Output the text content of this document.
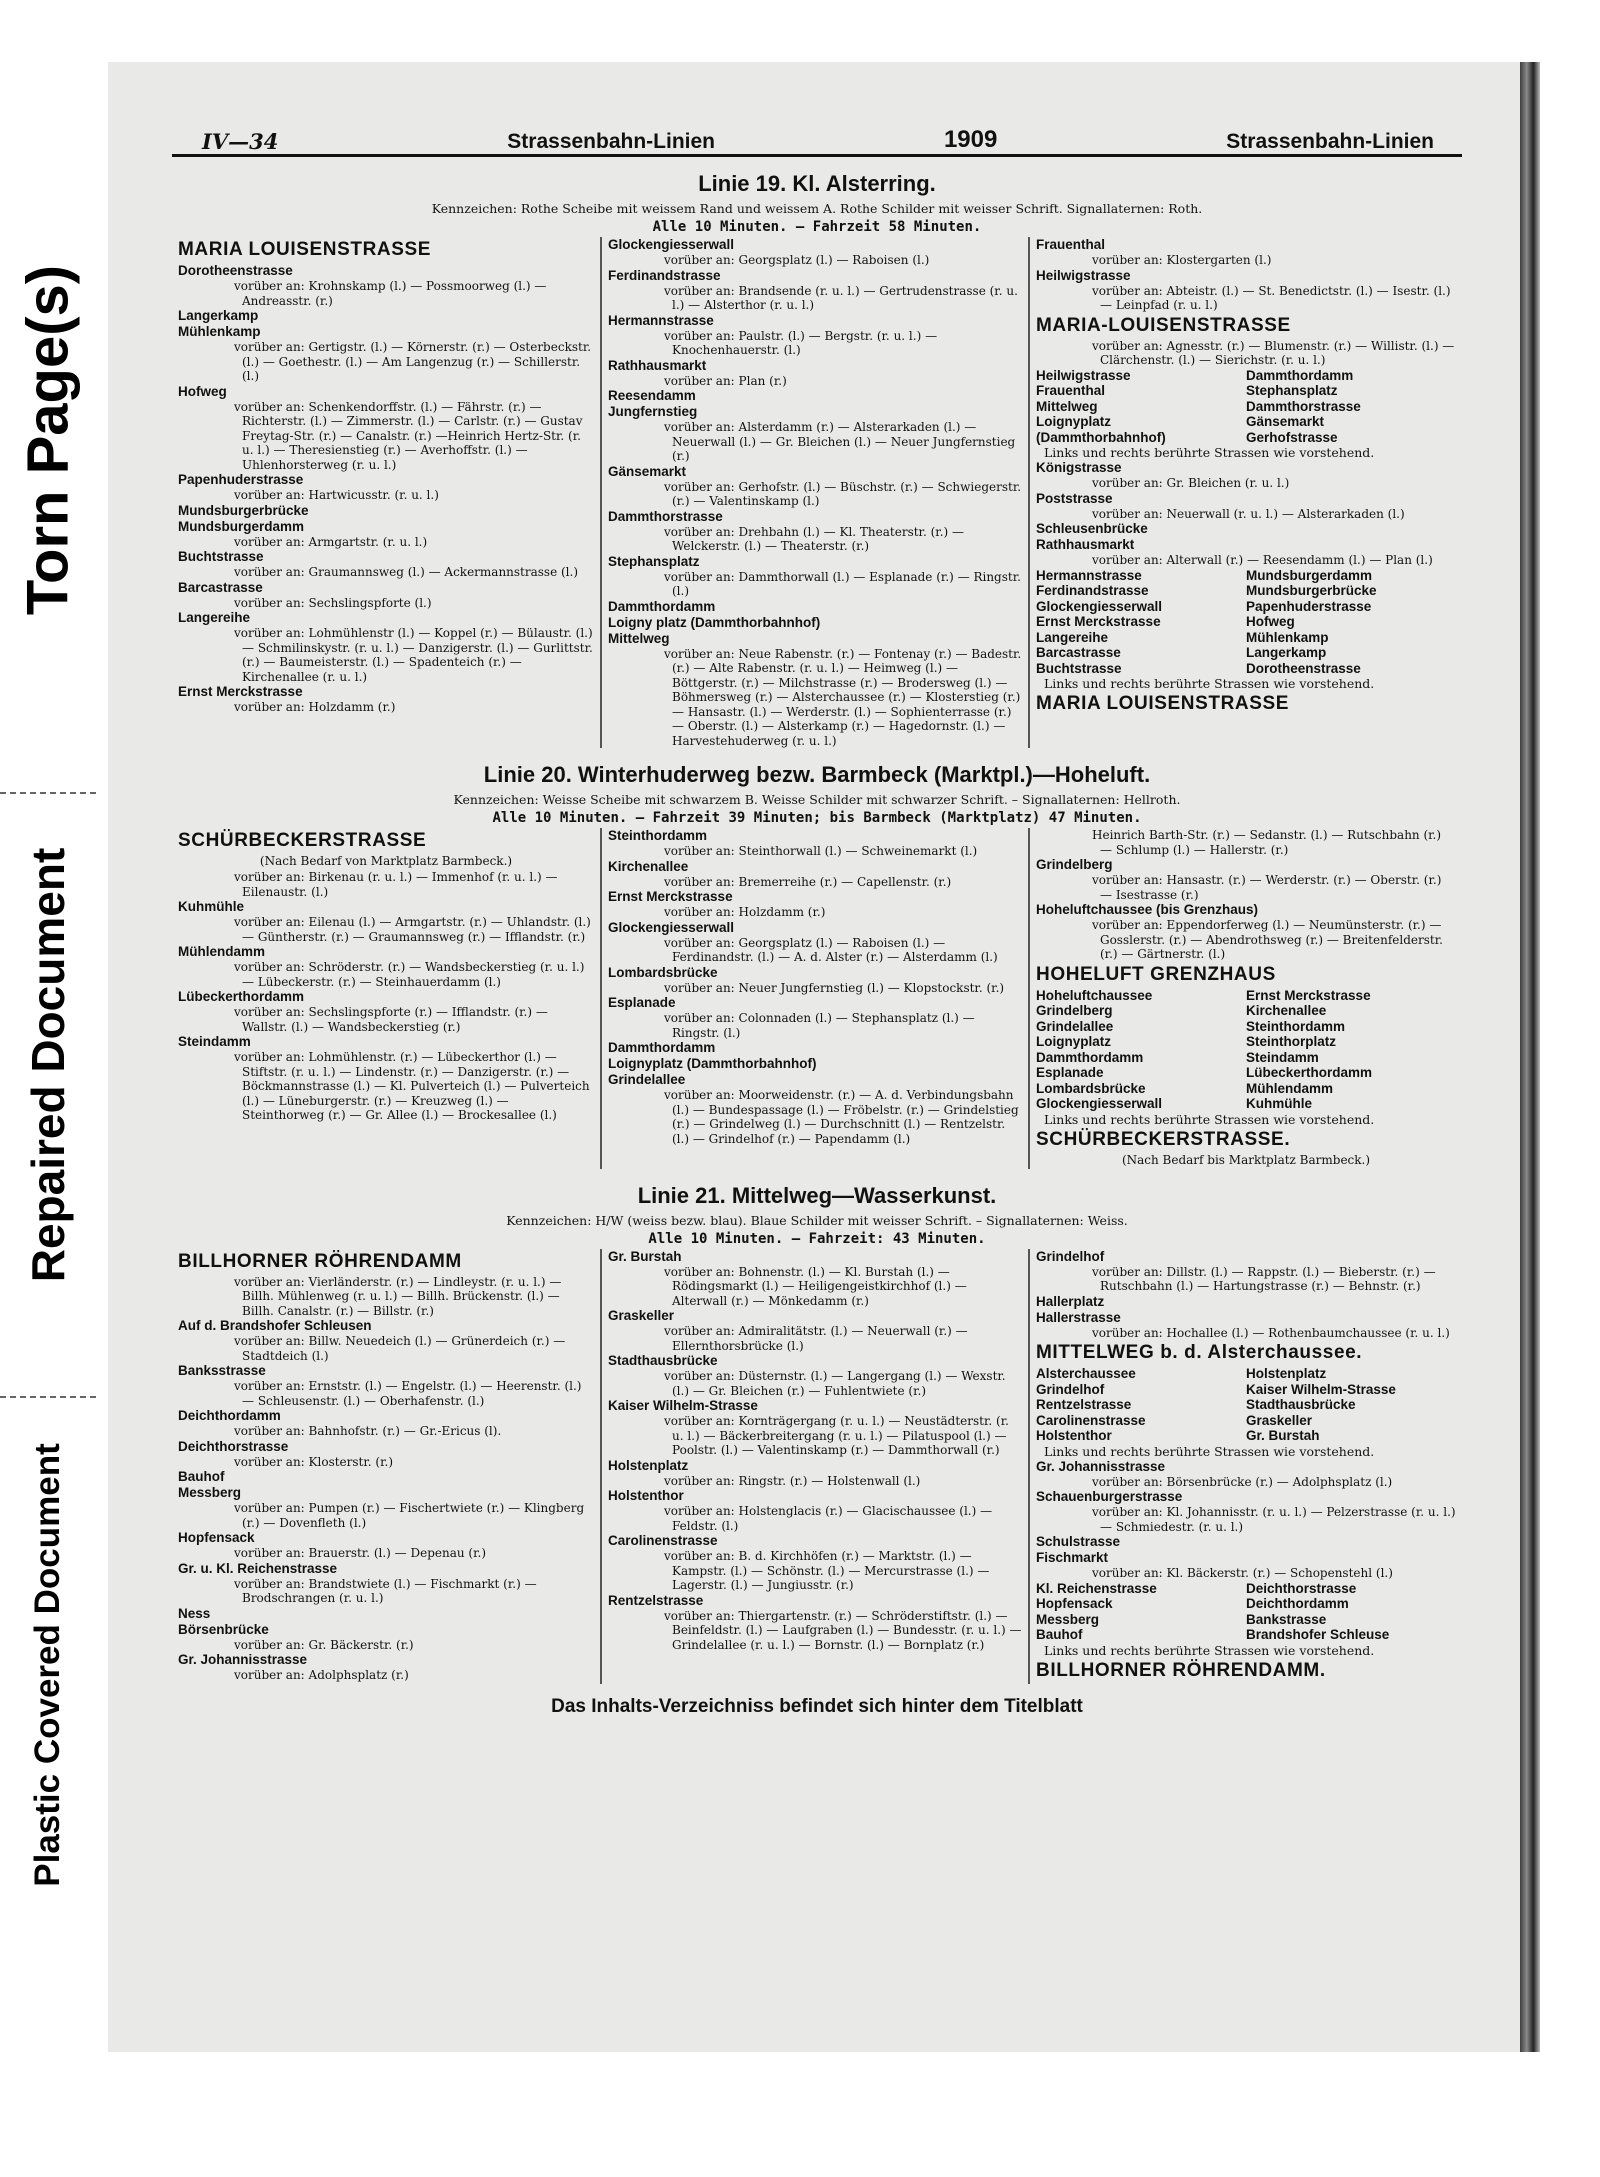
Torn Page(s)
Repaired Document
Plastic Covered Document
IV—34	Strassenbahn-Linien	1909	Strassenbahn-Linien
Linie 19. Kl. Alsterring.
Kennzeichen: Rothe Scheibe mit weissem Rand und weissem A. Rothe Schilder mit weisser Schrift. Signallaternen: Roth.
Alle 10 Minuten. – Fahrzeit 58 Minuten.
MARIA LOUISENSTRASSE
Dorotheenstrasse
vorüber an: Krohnskamp (l.) — Possmoorweg (l.) — Andreasstr. (r.)
Langerkamp
Mühlenkamp
vorüber an: Gertigstr. (l.) — Körnerstr. (r.) — Osterbeckstr. (l.) — Goethestr. (l.) — Am Langenzug (r.) — Schillerstr. (l.)
Hofweg
vorüber an: Schenkendorffstr. (l.) — Fährstr. (r.) — Richterstr. (l.) — Zimmerstr. (l.) — Carlstr. (r.) — Gustav Freytag-Str. (r.) — Canalstr. (r.) —Heinrich Hertz-Str. (r. u. l.) — Theresienstieg (r.) — Averhoffstr. (l.) — Uhlenhorsterweg (r. u. l.)
Papenhuderstrasse
vorüber an: Hartwicusstr. (r. u. l.)
Mundsburgerbrücke
Mundsburgerdamm
vorüber an: Armgartstr. (r. u. l.)
Buchtstrasse
vorüber an: Graumannsweg (l.) — Ackermannstrasse (l.)
Barcastrasse
vorüber an: Sechslingspforte (l.)
Langereihe
vorüber an: Lohmühlenstr (l.) — Koppel (r.) — Bülaustr. (l.) — Schmilinskystr. (r. u. l.) — Danzigerstr. (l.) — Gurlittstr. (r.) — Baumeisterstr. (l.) — Spadenteich (r.) — Kirchenallee (r. u. l.)
Ernst Merckstrasse
vorüber an: Holzdamm (r.)
Glockengiesserwall
vorüber an: Georgsplatz (l.) — Raboisen (l.)
Ferdinandstrasse
vorüber an: Brandsende (r. u. l.) — Gertrudenstrasse (r. u. l.) — Alsterthor (r. u. l.)
Hermannstrasse
vorüber an: Paulstr. (l.) — Bergstr. (r. u. l.) — Knochenhauerstr. (l.)
Rathhausmarkt
vorüber an: Plan (r.)
Reesendamm
Jungfernstieg
vorüber an: Alsterdamm (r.) — Alsterarkaden (l.) — Neuerwall (l.) — Gr. Bleichen (l.) — Neuer Jungfernstieg (r.)
Gänsemarkt
vorüber an: Gerhofstr. (l.) — Büschstr. (r.) — Schwiegerstr. (r.) — Valentinskamp (l.)
Dammthorstrasse
vorüber an: Drehbahn (l.) — Kl. Theaterstr. (r.) — Welckerstr. (l.) — Theaterstr. (r.)
Stephansplatz
vorüber an: Dammthorwall (l.) — Esplanade (r.) — Ringstr. (l.)
Dammthordamm
Loigny platz (Dammthorbahnhof)
Mittelweg
vorüber an: Neue Rabenstr. (r.) — Fontenay (r.) — Badestr. (r.) — Alte Rabenstr. (r. u. l.) — Heimweg (l.) — Böttgerstr. (r.) — Milchstrasse (r.) — Brodersweg (l.) — Böhmersweg (r.) — Alsterchaussee (r.) — Klosterstieg (r.) — Hansastr. (l.) — Werderstr. (l.) — Sophienterrasse (r.) — Oberstr. (l.) — Alsterkamp (r.) — Hagedornstr. (l.) — Harvestehuderweg (r. u. l.)
Frauenthal
vorüber an: Klostergarten (l.)
Heilwigstrasse
vorüber an: Abteistr. (l.) — St. Benedictstr. (l.) — Isestr. (l.) — Leinpfad (r. u. l.)
MARIA-LOUISENSTRASSE
vorüber an: Agnesstr. (r.) — Blumenstr. (r.) — Willistr. (l.) — Clärchenstr. (l.) — Sierichstr. (r. u. l.)
Heilwigstrasse	Dammthordamm
Frauenthal	Stephansplatz
Mittelweg	Dammthorstrasse
Loignyplatz	Gänsemarkt
(Dammthorbahnhof)	Gerhofstrasse
Links und rechts berührte Strassen wie vorstehend.
Königstrasse
vorüber an: Gr. Bleichen (r. u. l.)
Poststrasse
vorüber an: Neuerwall (r. u. l.) — Alsterarkaden (l.)
Schleusenbrücke
Rathhausmarkt
vorüber an: Alterwall (r.) — Reesendamm (l.) — Plan (l.)
Hermannstrasse	Mundsburgerdamm
Ferdinandstrasse	Mundsburgerbrücke
Glockengiesserwall	Papenhuderstrasse
Ernst Merckstrasse	Hofweg
Langereihe	Mühlenkamp
Barcastrasse	Langerkamp
Buchtstrasse	Dorotheenstrasse
Links und rechts berührte Strassen wie vorstehend.
MARIA LOUISENSTRASSE
Linie 20. Winterhuderweg bezw. Barmbeck (Marktpl.)—Hoheluft.
Kennzeichen: Weisse Scheibe mit schwarzem B. Weisse Schilder mit schwarzer Schrift. – Signallaternen: Hellroth.
Alle 10 Minuten. – Fahrzeit 39 Minuten; bis Barmbeck (Marktplatz) 47 Minuten.
SCHÜRBECKERSTRASSE
(Nach Bedarf von Marktplatz Barmbeck.)
vorüber an: Birkenau (r. u. l.) — Immenhof (r. u. l.) — Eilenaustr. (l.)
Kuhmühle
vorüber an: Eilenau (l.) — Armgartstr. (r.) — Uhlandstr. (l.) — Güntherstr. (r.) — Graumannsweg (r.) — Ifflandstr. (r.)
Mühlendamm
vorüber an: Schröderstr. (r.) — Wandsbeckerstieg (r. u. l.) — Lübeckerstr. (r.) — Steinhauerdamm (l.)
Lübeckerthordamm
vorüber an: Sechslingspforte (r.) — Ifflandstr. (r.) — Wallstr. (l.) — Wandsbeckerstieg (r.)
Steindamm
vorüber an: Lohmühlenstr. (r.) — Lübeckerthor (l.) — Stiftstr. (r. u. l.) — Lindenstr. (r.) — Danzigerstr. (r.) — Böckmannstrasse (l.) — Kl. Pulverteich (l.) — Pulverteich (l.) — Lüneburgerstr. (r.) — Kreuzweg (l.) — Steinthorweg (r.) — Gr. Allee (l.) — Brockesallee (l.)
Steinthordamm
vorüber an: Steinthorwall (l.) — Schweinemarkt (l.)
Kirchenallee
vorüber an: Bremerreihe (r.) — Capellenstr. (r.)
Ernst Merckstrasse
vorüber an: Holzdamm (r.)
Glockengiesserwall
vorüber an: Georgsplatz (l.) — Raboisen (l.) — Ferdinandstr. (l.) — A. d. Alster (r.) — Alsterdamm (l.)
Lombardsbrücke
vorüber an: Neuer Jungfernstieg (l.) — Klopstockstr. (r.)
Esplanade
vorüber an: Colonnaden (l.) — Stephansplatz (l.) — Ringstr. (l.)
Dammthordamm
Loignyplatz (Dammthorbahnhof)
Grindelallee
vorüber an: Moorweidenstr. (r.) — A. d. Verbindungsbahn (l.) — Bundespassage (l.) — Fröbelstr. (r.) — Grindelstieg (r.) — Grindelweg (l.) — Durchschnitt (l.) — Rentzelstr. (l.) — Grindelhof (r.) — Papendamm (l.)
Heinrich Barth-Str. (r.) — Sedanstr. (l.) — Rutschbahn (r.) — Schlump (l.) — Hallerstr. (r.)
Grindelberg
vorüber an: Hansastr. (r.) — Werderstr. (r.) — Oberstr. (r.) — Isestrasse (r.)
Hoheluftchaussee (bis Grenzhaus)
vorüber an: Eppendorferweg (l.) — Neumünsterstr. (r.) — Gosslerstr. (r.) — Abendrothsweg (r.) — Breitenfelderstr. (r.) — Gärtnerstr. (l.)
HOHELUFT GRENZHAUS
Hoheluftchaussee	Ernst Merckstrasse
Grindelberg	Kirchenallee
Grindelallee	Steinthordamm
Loignyplatz	Steinthorplatz
Dammthordamm	Steindamm
Esplanade	Lübeckerthordamm
Lombardsbrücke	Mühlendamm
Glockengiesserwall	Kuhmühle
Links und rechts berührte Strassen wie vorstehend.
SCHÜRBECKERSTRASSE.
(Nach Bedarf bis Marktplatz Barmbeck.)
Linie 21. Mittelweg—Wasserkunst.
Kennzeichen: H/W (weiss bezw. blau). Blaue Schilder mit weisser Schrift. – Signallaternen: Weiss.
Alle 10 Minuten. – Fahrzeit: 43 Minuten.
BILLHORNER RÖHRENDAMM
vorüber an: Vierländerstr. (r.) — Lindleystr. (r. u. l.) — Billh. Mühlenweg (r. u. l.) — Billh. Brückenstr. (l.) — Billh. Canalstr. (r.) — Billstr. (r.)
Auf d. Brandshofer Schleusen
vorüber an: Billw. Neuedeich (l.) — Grünerdeich (r.) — Stadtdeich (l.)
Banksstrasse
vorüber an: Ernststr. (l.) — Engelstr. (l.) — Heerenstr. (l.) — Schleusenstr. (l.) — Oberhafenstr. (l.)
Deichthordamm
vorüber an: Bahnhofstr. (r.) — Gr.-Ericus (l).
Deichthorstrasse
vorüber an: Klosterstr. (r.)
Bauhof
Messberg
vorüber an: Pumpen (r.) — Fischertwiete (r.) — Klingberg (r.) — Dovenfleth (l.)
Hopfensack
vorüber an: Brauerstr. (l.) — Depenau (r.)
Gr. u. Kl. Reichenstrasse
vorüber an: Brandstwiete (l.) — Fischmarkt (r.) — Brodschrangen (r. u. l.)
Ness
Börsenbrücke
vorüber an: Gr. Bäckerstr. (r.)
Gr. Johannisstrasse
vorüber an: Adolphsplatz (r.)
Gr. Burstah
vorüber an: Bohnenstr. (l.) — Kl. Burstah (l.) — Rödingsmarkt (l.) — Heiligengeistkirchhof (l.) — Alterwall (r.) — Mönkedamm (r.)
Graskeller
vorüber an: Admiralitätstr. (l.) — Neuerwall (r.) — Ellernthorsbrücke (l.)
Stadthausbrücke
vorüber an: Düsternstr. (l.) — Langergang (l.) — Wexstr. (l.) — Gr. Bleichen (r.) — Fuhlentwiete (r.)
Kaiser Wilhelm-Strasse
vorüber an: Kornträgergang (r. u. l.) — Neustädterstr. (r. u. l.) — Bäckerbreitergang (r. u. l.) — Pilatuspool (l.) — Poolstr. (l.) — Valentinskamp (r.) — Dammthorwall (r.)
Holstenplatz
vorüber an: Ringstr. (r.) — Holstenwall (l.)
Holstenthor
vorüber an: Holstenglacis (r.) — Glacischaussee (l.) — Feldstr. (l.)
Carolinenstrasse
vorüber an: B. d. Kirchhöfen (r.) — Marktstr. (l.) — Kampstr. (l.) — Schönstr. (l.) — Mercurstrasse (l.) — Lagerstr. (l.) — Jungiusstr. (r.)
Rentzelstrasse
vorüber an: Thiergartenstr. (r.) — Schröderstiftstr. (l.) — Beinfeldstr. (l.) — Laufgraben (l.) — Bundesstr. (r. u. l.) — Grindelallee (r. u. l.) — Bornstr. (l.) — Bornplatz (r.)
Grindelhof
vorüber an: Dillstr. (l.) — Rappstr. (l.) — Bieberstr. (r.) — Rutschbahn (l.) — Hartungstrasse (r.) — Behnstr. (r.)
Hallerplatz
Hallerstrasse
vorüber an: Hochallee (l.) — Rothenbaumchaussee (r. u. l.)
MITTELWEG b. d. Alsterchaussee.
Alsterchaussee	Holstenplatz
Grindelhof	Kaiser Wilhelm-Strasse
Rentzelstrasse	Stadthausbrücke
Carolinenstrasse	Graskeller
Holstenthor	Gr. Burstah
Links und rechts berührte Strassen wie vorstehend.
Gr. Johannisstrasse
vorüber an: Börsenbrücke (r.) — Adolphsplatz (l.)
Schauenburgerstrasse
vorüber an: Kl. Johannisstr. (r. u. l.) — Pelzerstrasse (r. u. l.) — Schmiedestr. (r. u. l.)
Schulstrasse
Fischmarkt
vorüber an: Kl. Bäckerstr. (r.) — Schopenstehl (l.)
Kl. Reichenstrasse	Deichthorstrasse
Hopfensack	Deichthordamm
Messberg	Bankstrasse
Bauhof	Brandshofer Schleuse
Links und rechts berührte Strassen wie vorstehend.
BILLHORNER RÖHRENDAMM.
Das Inhalts-Verzeichniss befindet sich hinter dem Titelblatt
